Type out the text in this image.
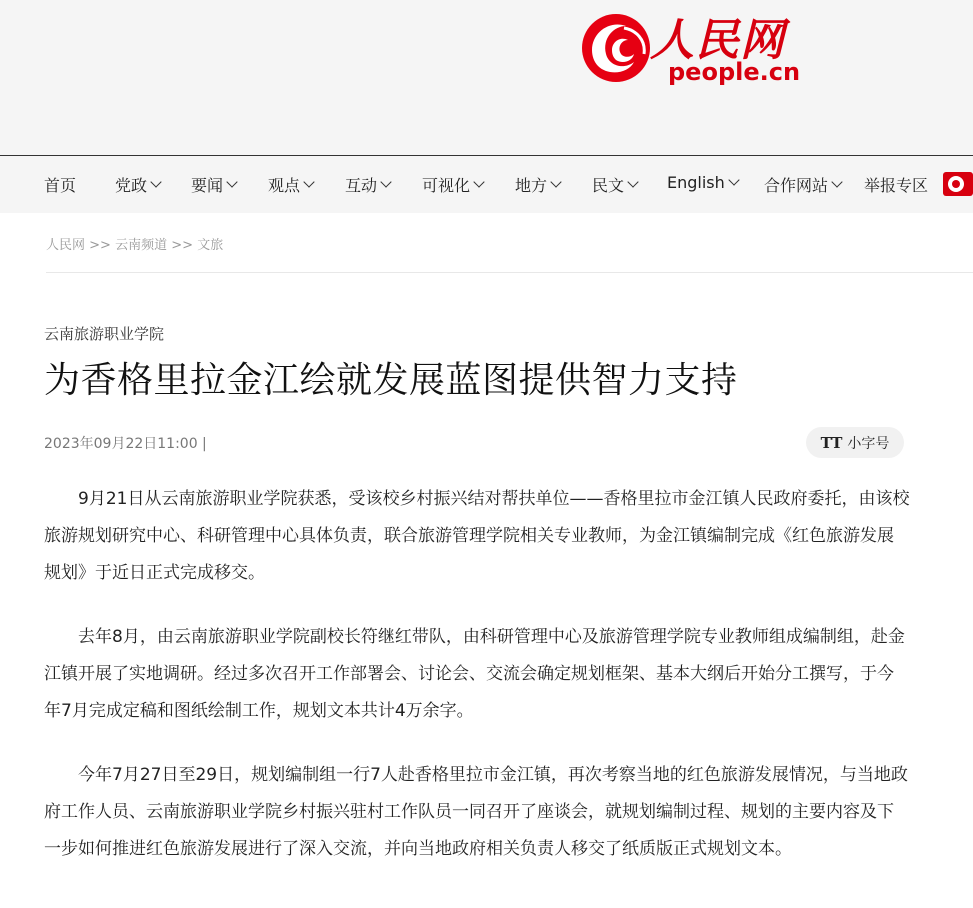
人民网
people.cn
首页 党政	要闻	观点	互动	可视化	地方	民文	English 合作网站 举报专区
人民网 >> 云南频道 >> 文旅
云南旅游职业学院
为香格里拉金江绘就发展蓝图提供智力支持
2023年09月22日11:00 |	TT 小字号

9月21日从云南旅游职业学院获悉，受该校乡村振兴结对帮扶单位——香格里拉市金江镇人民政府委托，由该校旅游规划研究中心、科研管理中心具体负责，联合旅游管理学院相关专业教师，为金江镇编制完成《红色旅游发展规划》于近日正式完成移交。

去年8月，由云南旅游职业学院副校长符继红带队，由科研管理中心及旅游管理学院专业教师组成编制组，赴金江镇开展了实地调研。经过多次召开工作部署会、讨论会、交流会确定规划框架、基本大纲后开始分工撰写，于今年7月完成定稿和图纸绘制工作，规划文本共计4万余字。

今年7月27日至29日，规划编制组一行7人赴香格里拉市金江镇，再次考察当地的红色旅游发展情况，与当地政府工作人员、云南旅游职业学院乡村振兴驻村工作队员一同召开了座谈会，就规划编制过程、规划的主要内容及下一步如何推进红色旅游发展进行了深入交流，并向当地政府相关负责人移交了纸质版正式规划文本。
